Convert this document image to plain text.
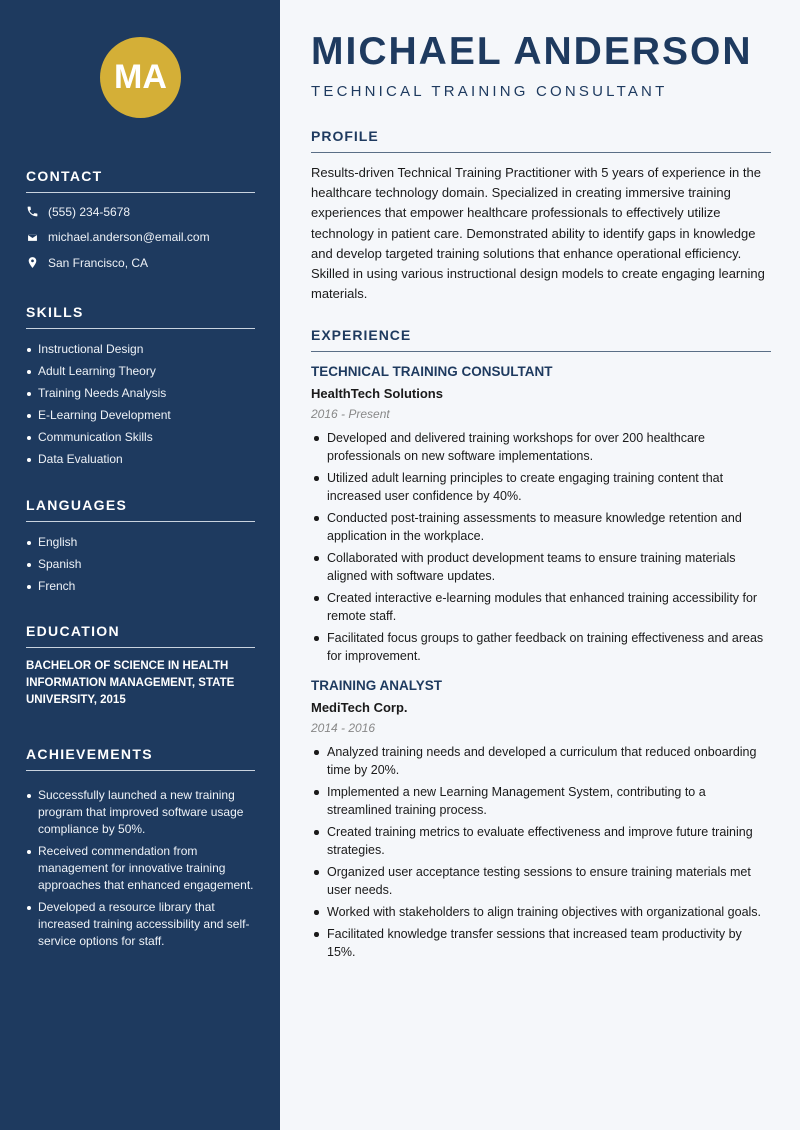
MA
CONTACT
(555) 234-5678
michael.anderson@email.com
San Francisco, CA
SKILLS
Instructional Design
Adult Learning Theory
Training Needs Analysis
E-Learning Development
Communication Skills
Data Evaluation
LANGUAGES
English
Spanish
French
EDUCATION
BACHELOR OF SCIENCE IN HEALTH INFORMATION MANAGEMENT, STATE UNIVERSITY, 2015
ACHIEVEMENTS
Successfully launched a new training program that improved software usage compliance by 50%.
Received commendation from management for innovative training approaches that enhanced engagement.
Developed a resource library that increased training accessibility and self-service options for staff.
MICHAEL ANDERSON
TECHNICAL TRAINING CONSULTANT
PROFILE
Results-driven Technical Training Practitioner with 5 years of experience in the healthcare technology domain. Specialized in creating immersive training experiences that empower healthcare professionals to effectively utilize technology in patient care. Demonstrated ability to identify gaps in knowledge and develop targeted training solutions that enhance operational efficiency. Skilled in using various instructional design models to create engaging learning materials.
EXPERIENCE
TECHNICAL TRAINING CONSULTANT
HealthTech Solutions
2016 - Present
Developed and delivered training workshops for over 200 healthcare professionals on new software implementations.
Utilized adult learning principles to create engaging training content that increased user confidence by 40%.
Conducted post-training assessments to measure knowledge retention and application in the workplace.
Collaborated with product development teams to ensure training materials aligned with software updates.
Created interactive e-learning modules that enhanced training accessibility for remote staff.
Facilitated focus groups to gather feedback on training effectiveness and areas for improvement.
TRAINING ANALYST
MediTech Corp.
2014 - 2016
Analyzed training needs and developed a curriculum that reduced onboarding time by 20%.
Implemented a new Learning Management System, contributing to a streamlined training process.
Created training metrics to evaluate effectiveness and improve future training strategies.
Organized user acceptance testing sessions to ensure training materials met user needs.
Worked with stakeholders to align training objectives with organizational goals.
Facilitated knowledge transfer sessions that increased team productivity by 15%.
